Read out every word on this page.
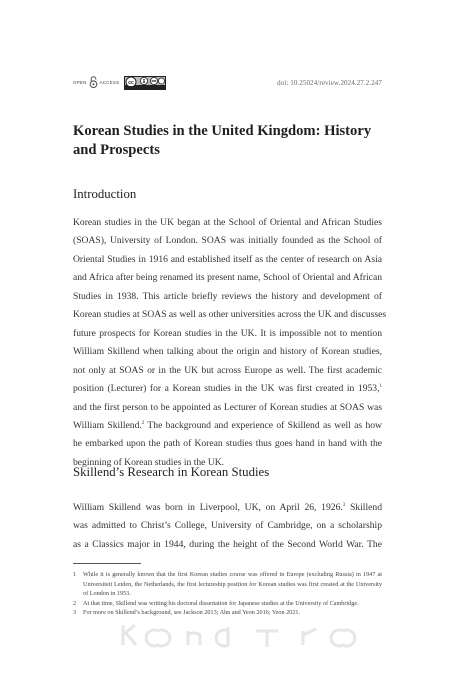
OPEN	ACCESS cc	doi: 10.25024/review.2024.27.2.247
Korean Studies in the United Kingdom: History
and Prospects
Introduction
Korean studies in the UK began at the School of Oriental and African Studies
(SOAS), University of London. SOAS was initially founded as the School of
Oriental Studies in 1916 and established itself as the center of research on Asia
and Africa after being renamed its present name, School of Oriental and African
Studies in 1938. This article briefly reviews the history and development of
Korean studies at SOAS as well as other universities across the UK and discusses
future prospects for Korean studies in the UK. It is impossible not to mention
William Skillend when talking about the origin and history of Korean studies,
not only at SOAS or in the UK but across Europe as well. The first academic
position (Lecturer) for a Korean studies in the UK was first created in 1953,$^1$
and the first person to be appointed as Lecturer of Korean studies at SOAS was
William Skillend.$^2$ The background and experience of Skillend as well as how
he embarked upon the path of Korean studies thus goes hand in hand with the
beginning of Korean studies in the UK.
Skillend’s Research in Korean Studies
William Skillend was born in Liverpool, UK, on April 26, 1926.$^3$ Skillend
was admitted to Christ’s College, University of Cambridge, on a scholarship
as a Classics major in 1944, during the height of the Second World War. The
1	While it is generally known that the first Korean studies course was offered in Europe (excluding Russia) in 1947 at Universiteit Leiden, the Netherlands, the first lectureship position for Korean studies was first created at the University of London in 1953.
2	At that time, Skillend was writing his doctoral dissertation for Japanese studies at the University of Cambridge.
3	For more on Skillend’s background, see Jackson 2013; Ahn and Yeon 2016; Yeon 2021.
